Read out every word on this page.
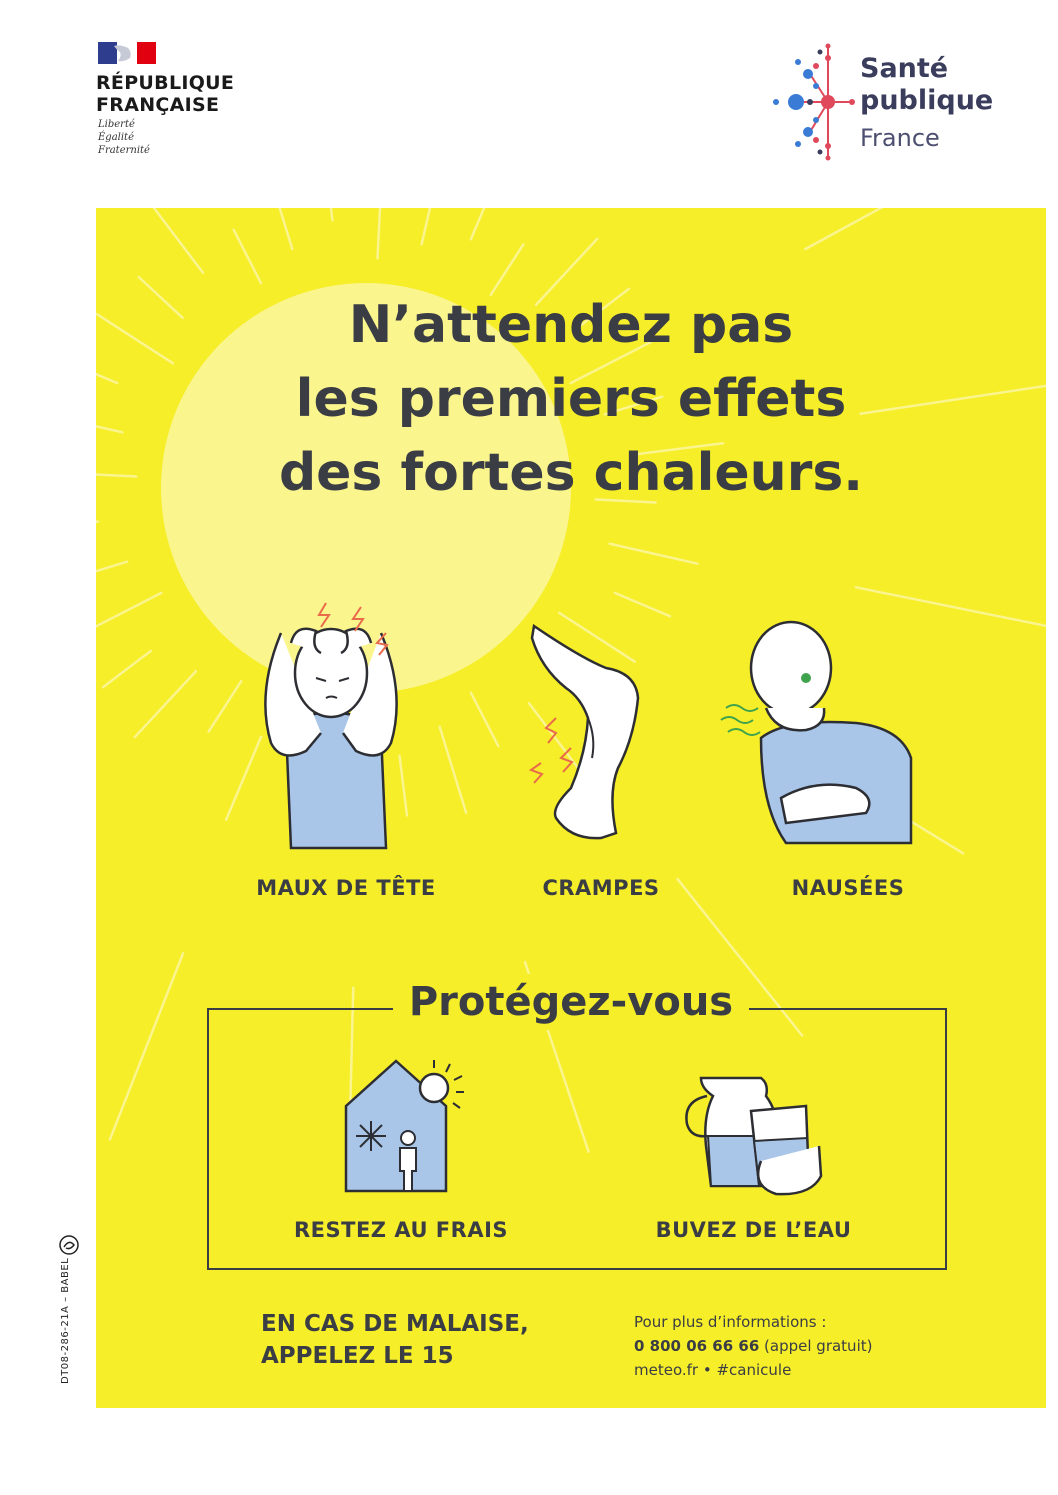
RÉPUBLIQUE
FRANÇAISE
Liberté
Égalité
Fraternité
Santé
publique
France
N’attendez pas
les premiers effets
des fortes chaleurs.
MAUX DE TÊTE	CRAMPES	NAUSÉES
Protégez-vous
RESTEZ AU FRAIS	BUVEZ DE L’EAU
EN CAS DE MALAISE,
APPELEZ LE 15
Pour plus d’informations :
0 800 06 66 66 (appel gratuit)
meteo.fr • #canicule
DT08-286-21A – BABEL
